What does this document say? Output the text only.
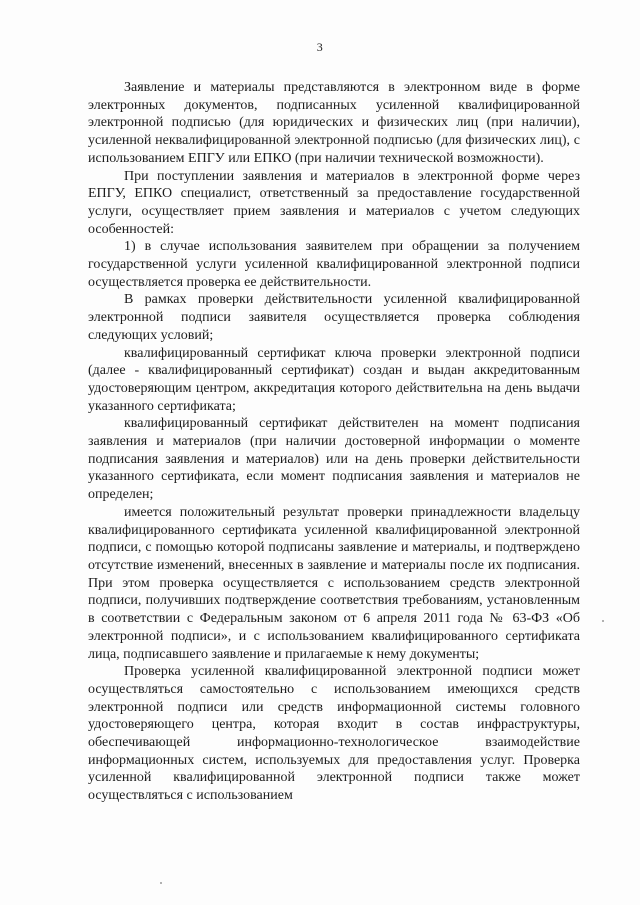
3

Заявление и материалы представляются в электронном виде в форме электронных документов, подписанных усиленной квалифицированной электронной подписью (для юридических и физических лиц (при наличии), усиленной неквалифицированной электронной подписью (для физических лиц), с использованием ЕПГУ или ЕПКО (при наличии технической возможности).

При поступлении заявления и материалов в электронной форме через ЕПГУ, ЕПКО специалист, ответственный за предоставление государственной услуги, осуществляет прием заявления и материалов с учетом следующих особенностей:

1) в случае использования заявителем при обращении за получением государственной услуги усиленной квалифицированной электронной подписи осуществляется проверка ее действительности.

В рамках проверки действительности усиленной квалифицированной электронной подписи заявителя осуществляется проверка соблюдения следующих условий;

квалифицированный сертификат ключа проверки электронной подписи (далее - квалифицированный сертификат) создан и выдан аккредитованным удостоверяющим центром, аккредитация которого действительна на день выдачи указанного сертификата;

квалифицированный сертификат действителен на момент подписания заявления и материалов (при наличии достоверной информации о моменте подписания заявления и материалов) или на день проверки действительности указанного сертификата, если момент подписания заявления и материалов не определен;

имеется положительный результат проверки принадлежности владельцу квалифицированного сертификата усиленной квалифицированной электронной подписи, с помощью которой подписаны заявление и материалы, и подтверждено отсутствие изменений, внесенных в заявление и материалы после их подписания. При этом проверка осуществляется с использованием средств электронной подписи, получивших подтверждение соответствия требованиям, установленным в соответствии с Федеральным законом от 6 апреля 2011 года № 63-ФЗ «Об электронной подписи», и с использованием квалифицированного сертификата лица, подписавшего заявление и прилагаемые к нему документы;

Проверка усиленной квалифицированной электронной подписи может осуществляться самостоятельно с использованием имеющихся средств электронной подписи или средств информационной системы головного удостоверяющего центра, которая входит в состав инфраструктуры, обеспечивающей информационно-технологическое взаимодействие информационных систем, используемых для предоставления услуг. Проверка усиленной квалифицированной электронной подписи также может осуществляться с использованием
